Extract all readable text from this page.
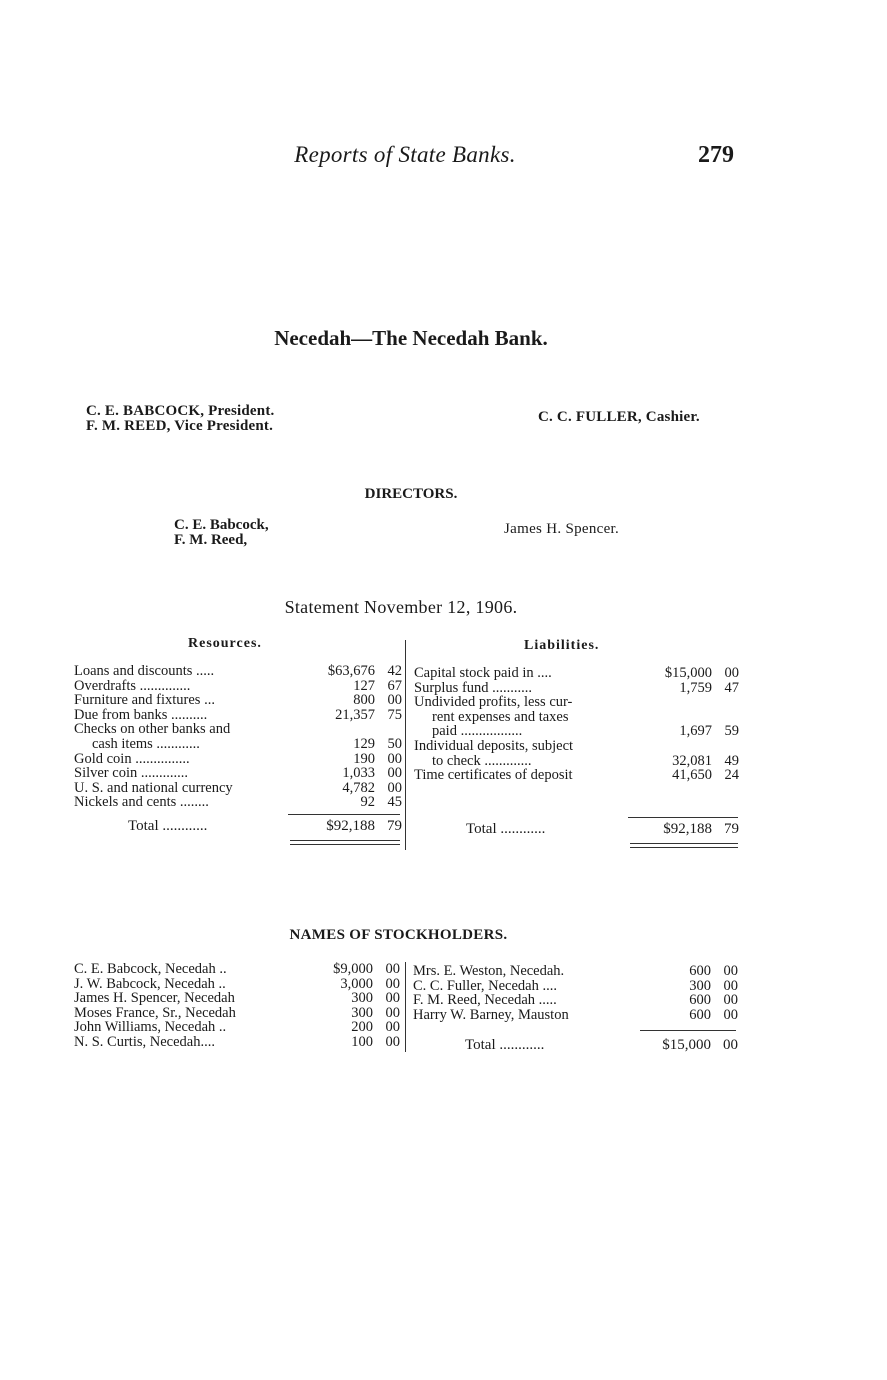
Reports of State Banks.	279
Necedah—The Necedah Bank.
C. E. BABCOCK, President.
F. M. REED, Vice President.
C. C. FULLER, Cashier.
DIRECTORS.
C. E. Babcock,
F. M. Reed,
James H. Spencer.
Statement November 12, 1906.
Resources.	Liabilities.
Loans and discounts .....	$63,676 42
Overdrafts ..............	127 67
Furniture and fixtures ...	800 00
Due from banks ..........	21,357 75
Checks on other banks and
cash items ............	129 50
Gold coin ...............	190 00
Silver coin .............	1,033 00
U. S. and national currency	4,782 00
Nickels and cents ........	92 45
Capital stock paid in ....	$15,000 00
Surplus fund ...........	1,759 47
Undivided profits, less cur-
rent expenses and taxes
paid .................	1,697 59
Individual deposits, subject
to check .............	32,081 49
Time certificates of deposit	41,650 24
Total ............	$92,188 79	Total ............	$92,188 79
NAMES OF STOCKHOLDERS.
C. E. Babcock, Necedah ..	$9,000 00
J. W. Babcock, Necedah ..	3,000 00
James H. Spencer, Necedah	300 00
Moses France, Sr., Necedah	300 00
John Williams, Necedah ..	200 00
N. S. Curtis, Necedah....	100 00
Mrs. E. Weston, Necedah.	600 00
C. C. Fuller, Necedah ....	300 00
F. M. Reed, Necedah .....	600 00
Harry W. Barney, Mauston	600 00
Total ............	$15,000 00
